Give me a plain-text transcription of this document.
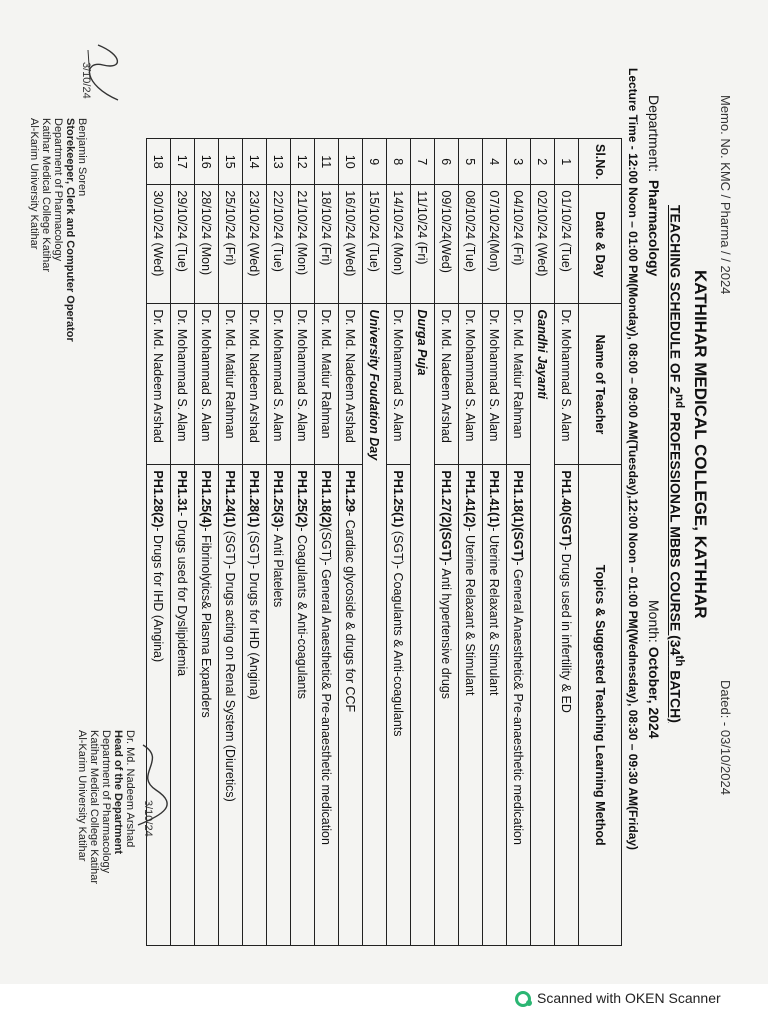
Memo. No. KMC / Pharma / / 2024
Dated: - 03/10/2024
KATHIHAR MEDICAL COLLEGE, KATHHAR
TEACHING SCHEDULE OF 2nd PROFESSIONAL MBBS COURSE (34th BATCH)
Department:  Pharmacology
Month: October, 2024
Lecture Time - 12:00 Noon – 01:00 PM(Monday), 08:00 – 09:00 AM(Tuesday),12:00 Noon – 01:00 PM(Wednesday), 08:30 – 09:30 AM(Friday)
Sl.No.	Date & Day	Name of Teacher	Topics & Suggested Teaching Learning Method
1	01/10/24 (Tue)	Dr. Mohammad S. Alam	PH1.40(SGT)- Drugs used in infertility & ED
2	02/10/24 (Wed)	Gandhi Jayanti	
3	04/10/24 (Fri)	Dr. Md. Matiur Rahman	PH1.18(1)(SGT)- General Anaesthetic& Pre-anaesthetic medication
4	07/10/24(Mon)	Dr. Mohammad S. Alam	PH1.41(1)- Uterine Relaxant & Stimulant
5	08/10/24 (Tue)	Dr. Mohammad S. Alam	PH1.41(2)- Uterine Relaxant & Stimulant
6	09/10/24(Wed)	Dr. Md. Nadeem Arshad	PH1.27(2)(SGT)- Anti hypertensive drugs
7	11/10/24 (Fri)	Durga Puja	
8	14/10/24 (Mon)	Dr. Mohammad S. Alam	PH1.25(1) (SGT)- Coagulants & Anti-coagulants
9	15/10/24 (Tue)	University Foudation Day	
10	16/10/24 (Wed)	Dr. Md. Nadeem Arshad	PH1.29- Cardiac glycoside & drugs for CCF
11	18/10/24 (Fri)	Dr. Md. Matiur Rahman	PH1.18(2)(SGT)- General Anaesthetic& Pre-anaesthetic medication
12	21/10/24 (Mon)	Dr. Mohammad S. Alam	PH1.25(2)- Coagulants & Anti-coagulants
13	22/10/24 (Tue)	Dr. Mohammad S. Alam	PH1.25(3)- Anti Platelets
14	23/10/24 (Wed)	Dr. Md. Nadeem Arshad	PH1.28(1) (SGT)- Drugs for IHD (Angina)
15	25/10/24 (Fri)	Dr. Md. Matiur Rahman	PH1.24(1) (SGT)- Drugs acting on Renal System (Diuretics)
16	28/10/24 (Mon)	Dr. Mohammad S. Alam	PH1.25(4)- Fibrinolytics& Plasma Expanders
17	29/10/24 (Tue)	Dr. Mohammad S. Alam	PH1.31- Drugs used for Dyslipidemia
18	30/10/24 (Wed)	Dr. Md. Nadeem Arshad	PH1.28(2)- Drugs for IHD (Angina)
3/10/24
Benjamin Soren
Storekeeper, Clerk and Computer Operator
Department of Pharmacology
Katihar Medical College Katihar
Al-Karim University Katihar
3/10/24
Dr. Md. Nadeem Arshad
Head of the Department
Department of Pharmacology
Katihar Medical College Katihar
Al-Karim University Katihar
Scanned with OKEN Scanner
